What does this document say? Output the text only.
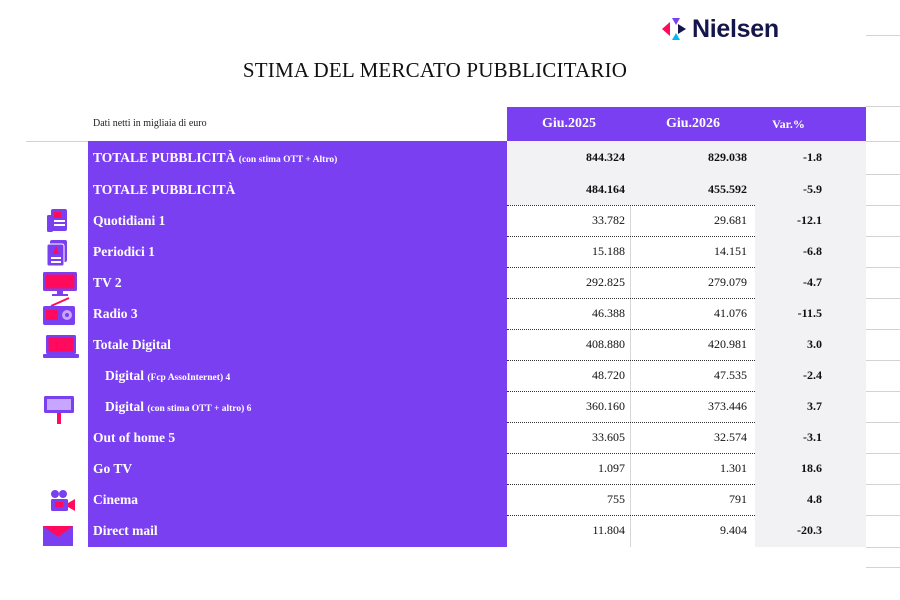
Nielsen
STIMA DEL MERCATO PUBBLICITARIO
Dati netti in migliaia di euro	Giu.2025	Giu.2026	Var.%
TOTALE PUBBLICITÀ (con stima OTT + Altro)	844.324	829.038	-1.8
TOTALE PUBBLICITÀ	484.164	455.592	-5.9
Quotidiani 1	33.782	29.681	-12.1
Periodici 1	15.188	14.151	-6.8
TV 2	292.825	279.079	-4.7
Radio 3	46.388	41.076	-11.5
Totale Digital	408.880	420.981	3.0
Digital (Fcp AssoInternet) 4	48.720	47.535	-2.4
Digital (con stima OTT + altro) 6	360.160	373.446	3.7
Out of home 5	33.605	32.574	-3.1
Go TV	1.097	1.301	18.6
Cinema	755	791	4.8
Direct mail	11.804	9.404	-20.3
